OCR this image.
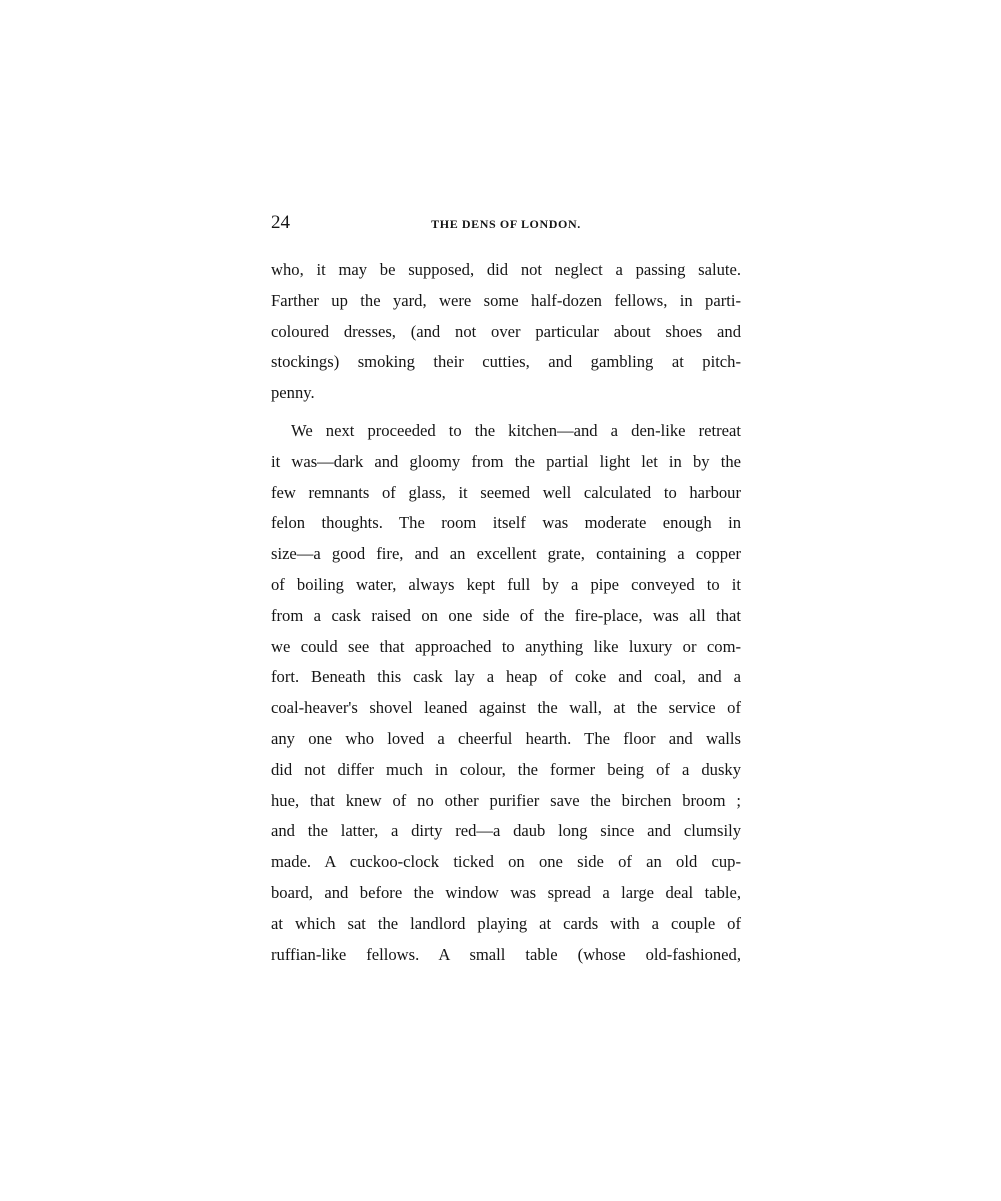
24	THE DENS OF LONDON.
who, it may be supposed, did not neglect a passing salute.
Farther up the yard, were some half-dozen fellows, in parti-
coloured dresses, (and not over particular about shoes and
stockings) smoking their cutties, and gambling at pitch-
penny.
We next proceeded to the kitchen—and a den-like retreat
it was—dark and gloomy from the partial light let in by the
few remnants of glass, it seemed well calculated to harbour
felon thoughts. The room itself was moderate enough in
size—a good fire, and an excellent grate, containing a copper
of boiling water, always kept full by a pipe conveyed to it
from a cask raised on one side of the fire-place, was all that
we could see that approached to anything like luxury or com-
fort. Beneath this cask lay a heap of coke and coal, and a
coal-heaver's shovel leaned against the wall, at the service of
any one who loved a cheerful hearth. The floor and walls
did not differ much in colour, the former being of a dusky
hue, that knew of no other purifier save the birchen broom ;
and the latter, a dirty red—a daub long since and clumsily
made. A cuckoo-clock ticked on one side of an old cup-
board, and before the window was spread a large deal table,
at which sat the landlord playing at cards with a couple of
ruffian-like fellows. A small table (whose old-fashioned,
